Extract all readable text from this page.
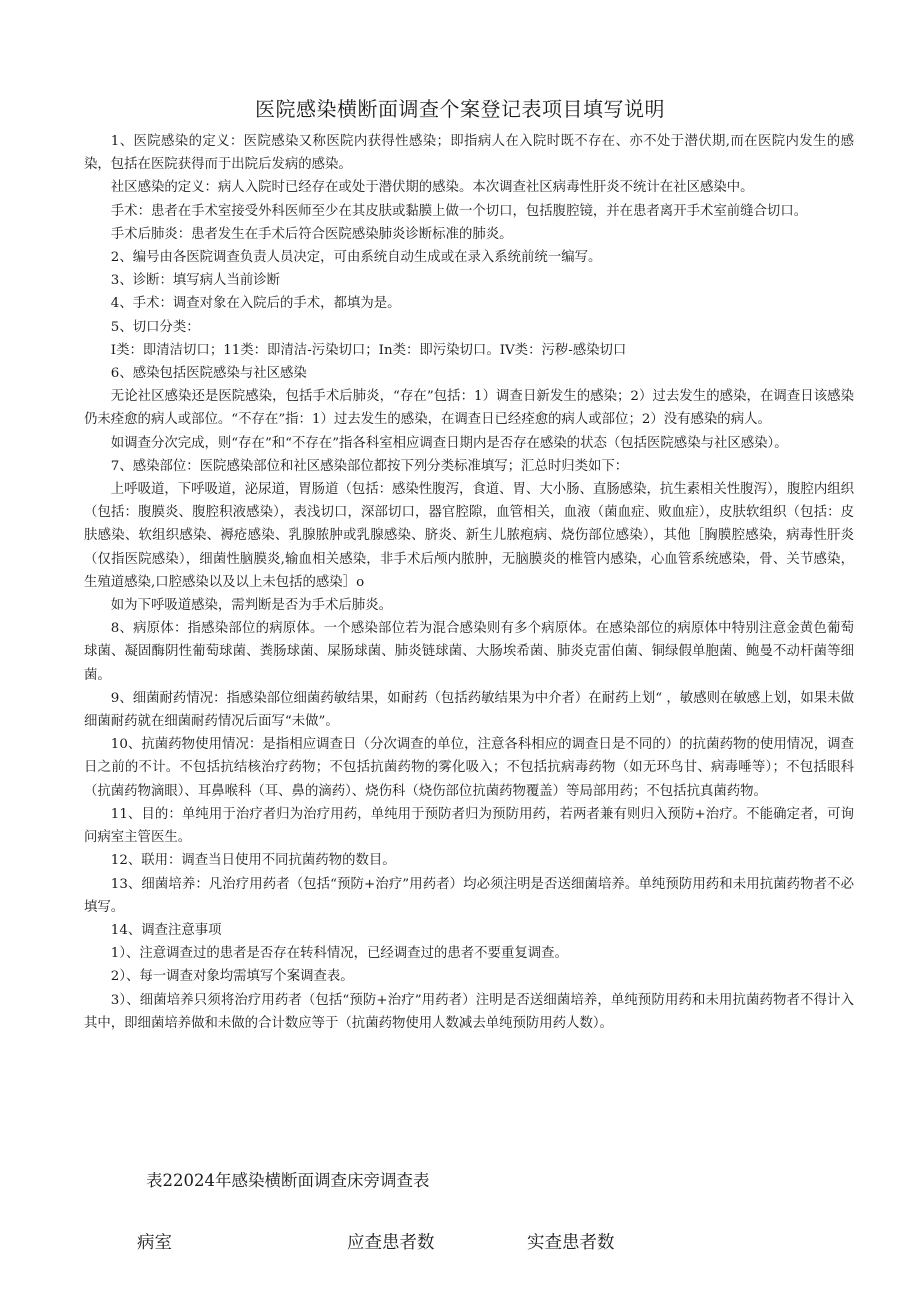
医院感染横断面调查个案登记表项目填写说明

1、医院感染的定义：医院感染又称医院内获得性感染；即指病人在入院时既不存在、亦不处于潜伏期,而在医院内发生的感染，包括在医院获得而于出院后发病的感染。

社区感染的定义：病人入院时已经存在或处于潜伏期的感染。本次调查社区病毒性肝炎不统计在社区感染中。

手术：患者在手术室接受外科医师至少在其皮肤或黏膜上做一个切口，包括腹腔镜，并在患者离开手术室前缝合切口。

手术后肺炎：患者发生在手术后符合医院感染肺炎诊断标准的肺炎。

2、编号由各医院调查负责人员决定，可由系统自动生成或在录入系统前统一编写。

3、诊断：填写病人当前诊断

4、手术：调查对象在入院后的手术，都填为是。

5、切口分类：

I类：即清洁切口；11类：即清洁-污染切口；In类：即污染切口。IV类：污秽-感染切口

6、感染包括医院感染与社区感染

无论社区感染还是医院感染，包括手术后肺炎，“存在”包括：1）调查日新发生的感染；2）过去发生的感染，在调查日该感染仍未痊愈的病人或部位。“不存在”指：1）过去发生的感染，在调查日已经痊愈的病人或部位；2）没有感染的病人。

如调查分次完成，则“存在”和“不存在”指各科室相应调查日期内是否存在感染的状态（包括医院感染与社区感染）。

7、感染部位：医院感染部位和社区感染部位都按下列分类标准填写；汇总时归类如下：

上呼吸道，下呼吸道，泌尿道，胃肠道（包括：感染性腹泻，食道、胃、大小肠、直肠感染，抗生素相关性腹泻），腹腔内组织（包括：腹膜炎、腹腔积液感染），表浅切口，深部切口，器官腔隙，血管相关，血液（菌血症、败血症），皮肤软组织（包括：皮肤感染、软组织感染、褥疮感染、乳腺脓肿或乳腺感染、脐炎、新生儿脓疱病、烧伤部位感染），其他［胸膜腔感染，病毒性肝炎（仅指医院感染），细菌性脑膜炎,输血相关感染，非手术后颅内脓肿，无脑膜炎的椎管内感染，心血管系统感染，骨、关节感染，生殖道感染,口腔感染以及以上未包括的感染］o

如为下呼吸道感染，需判断是否为手术后肺炎。

8、病原体：指感染部位的病原体。一个感染部位若为混合感染则有多个病原体。在感染部位的病原体中特别注意金黄色葡萄球菌、凝固酶阴性葡萄球菌、粪肠球菌、屎肠球菌、肺炎链球菌、大肠埃希菌、肺炎克雷伯菌、铜绿假单胞菌、鲍曼不动杆菌等细菌。

9、细菌耐药情况：指感染部位细菌药敏结果，如耐药（包括药敏结果为中介者）在耐药上划“ ，敏感则在敏感上划，如果未做细菌耐药就在细菌耐药情况后面写“未做”。

10、抗菌药物使用情况：是指相应调查日（分次调查的单位，注意各科相应的调查日是不同的）的抗菌药物的使用情况，调查日之前的不计。不包括抗结核治疗药物；不包括抗菌药物的雾化吸入；不包括抗病毒药物（如无环鸟甘、病毒唾等）；不包括眼科（抗菌药物滴眼）、耳鼻喉科（耳、鼻的滴药）、烧伤科（烧伤部位抗菌药物覆盖）等局部用药；不包括抗真菌药物。

11、目的：单纯用于治疗者归为治疗用药，单纯用于预防者归为预防用药，若两者兼有则归入预防+治疗。不能确定者，可询问病室主管医生。

12、联用：调查当日使用不同抗菌药物的数目。

13、细菌培养：凡治疗用药者（包括“预防+治疗”用药者）均必须注明是否送细菌培养。单纯预防用药和未用抗菌药物者不必填写。

14、调查注意事项

1）、注意调查过的患者是否存在转科情况，已经调查过的患者不要重复调查。

2）、每一调查对象均需填写个案调查表。

3）、细菌培养只须将治疗用药者（包括“预防+治疗”用药者）注明是否送细菌培养，单纯预防用药和未用抗菌药物者不得计入其中，即细菌培养做和未做的合计数应等于（抗菌药物使用人数减去单纯预防用药人数）。

表22024年感染横断面调查床旁调查表
病室	应查患者数	实查患者数
